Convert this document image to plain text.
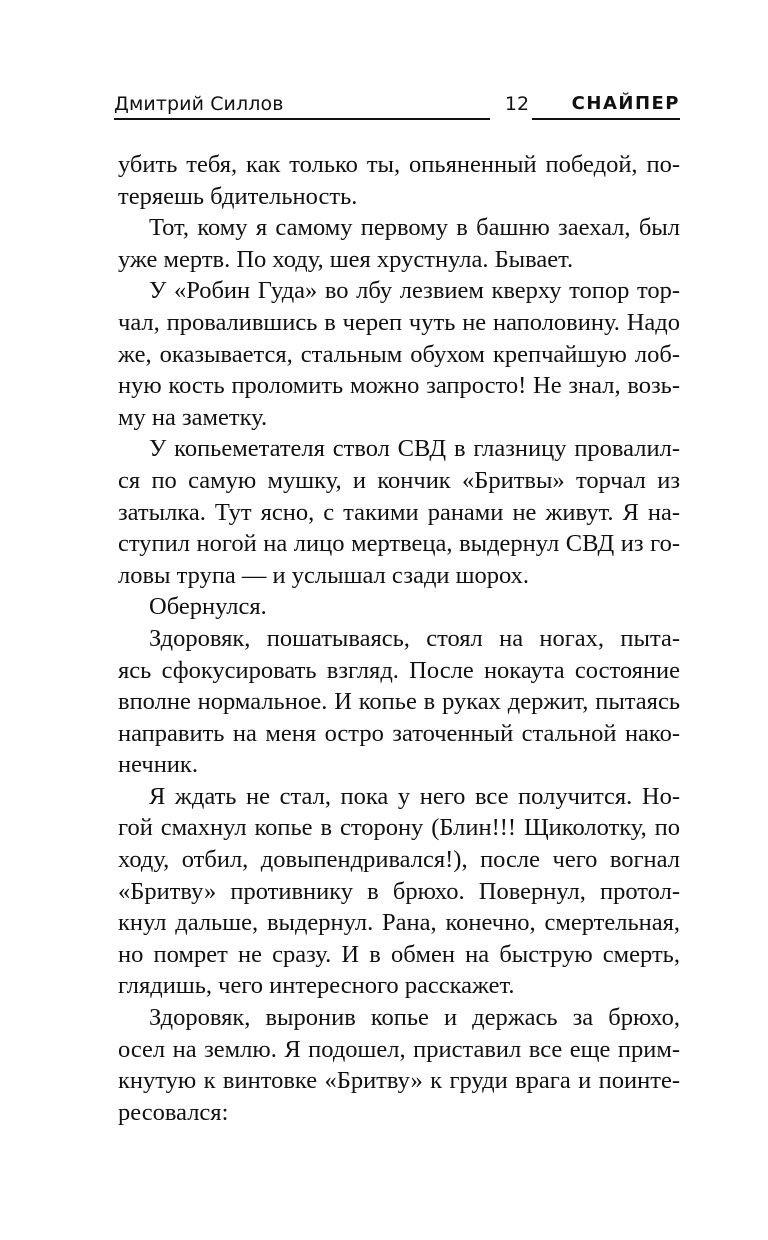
Дмитрий Силлов	12 СНАЙПЕР

убить тебя, как только ты, опьяненный победой, по-
теряешь бдительность.

Тот, кому я самому первому в башню заехал, был
уже мертв. По ходу, шея хрустнула. Бывает.

У «Робин Гуда» во лбу лезвием кверху топор тор-
чал, провалившись в череп чуть не наполовину. Надо
же, оказывается, стальным обухом крепчайшую лоб-
ную кость проломить можно запросто! Не знал, возь-
му на заметку.

У копьеметателя ствол СВД в глазницу провалил-
ся по самую мушку, и кончик «Бритвы» торчал из
затылка. Тут ясно, с такими ранами не живут. Я на-
ступил ногой на лицо мертвеца, выдернул СВД из го-
ловы трупа — и услышал сзади шорох.

Обернулся.

Здоровяк, пошатываясь, стоял на ногах, пыта-
ясь сфокусировать взгляд. После нокаута состояние
вполне нормальное. И копье в руках держит, пытаясь
направить на меня остро заточенный стальной нако-
нечник.

Я ждать не стал, пока у него все получится. Но-
гой смахнул копье в сторону (Блин!!! Щиколотку, по
ходу, отбил, довыпендривался!), после чего вогнал
«Бритву» противнику в брюхо. Повернул, протол-
кнул дальше, выдернул. Рана, конечно, смертельная,
но помрет не сразу. И в обмен на быструю смерть,
глядишь, чего интересного расскажет.

Здоровяк, выронив копье и держась за брюхо,
осел на землю. Я подошел, приставил все еще прим-
кнутую к винтовке «Бритву» к груди врага и поинте-
ресовался:
